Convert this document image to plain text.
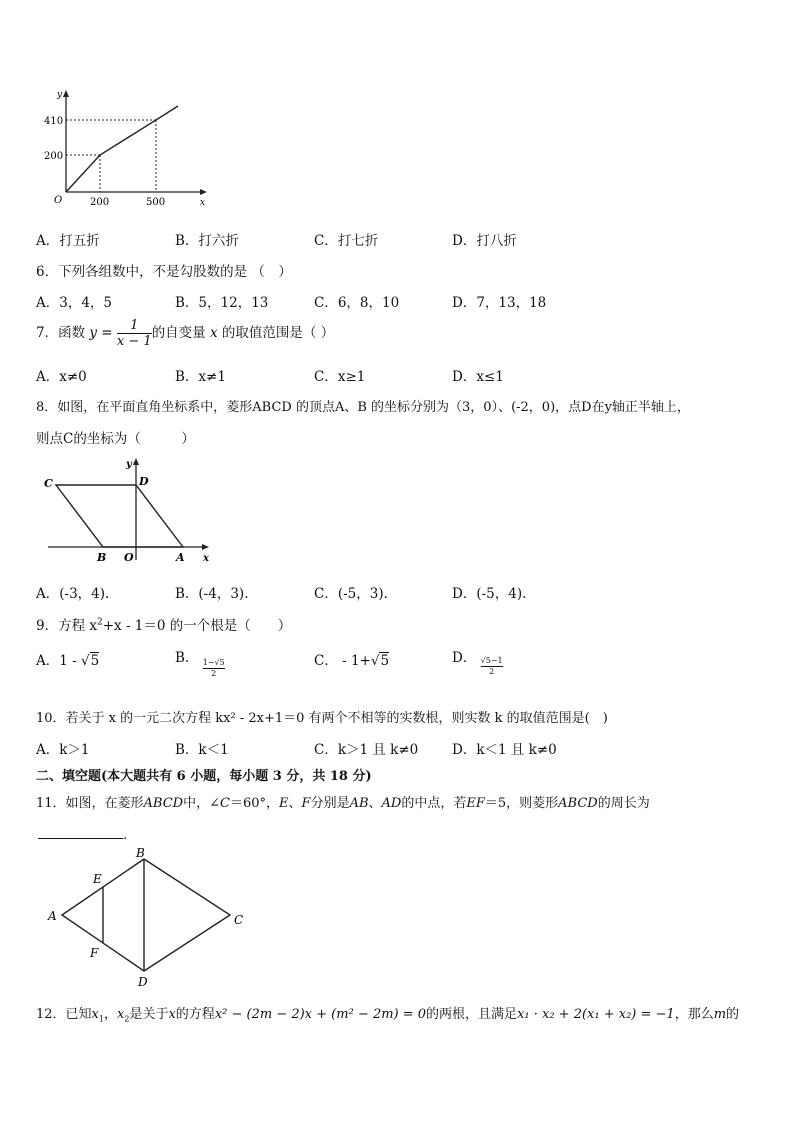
y
x
O
410
200
200	500
A．打五折	B．打六折	C．打七折	D．打八折
6．下列各组数中，不是勾股数的是 （　）
A．3，4，5	B．5，12，13	C．6，8，10	D．7，13，18
7．函数 $y = \frac{1}{x - 1}$ 的自变量 x 的取值范围是（ ）
A．x≠0	B．x≠1	C．x≥1	D．x≤1
8．如图，在平面直角坐标系中，菱形ABCD 的顶点A、B 的坐标分别为（3，0）、(-2，0)，点D在y轴正半轴上，
则点C的坐标为（　　　）
C	D
y
B O	A x
A．(-3，4).	B．(-4，3).	C．(-5，3).	D．(-5，4).
9．方程 $x^2+x - 1=0$ 的一个根是（　　）
A．1 - √5	B． $\frac{1-√5}{2}$	C． - 1+√5	D． $\frac{√5-1}{2}$
10．若关于 x 的一元二次方程 kx² - 2x+1＝0 有两个不相等的实数根，则实数 k 的取值范围是(　)
A．k＞1	B．k＜1	C．k＞1 且 k≠0 D．k＜1 且 k≠0
二、填空题(本大题共有 6 小题，每小题 3 分，共 18 分)
11．如图，在菱形ABCD中，∠C＝60°，E、F分别是AB、AD的中点，若EF＝5，则菱形ABCD的周长为
.
A
B
C
D
E
F
12．已知$x_1$，$x_2$是关于x的方程x² − (2m − 2)x + (m² − 2m) = 0的两根，且满足x₁ · x₂ + 2(x₁ + x₂) = −1，那么m的
